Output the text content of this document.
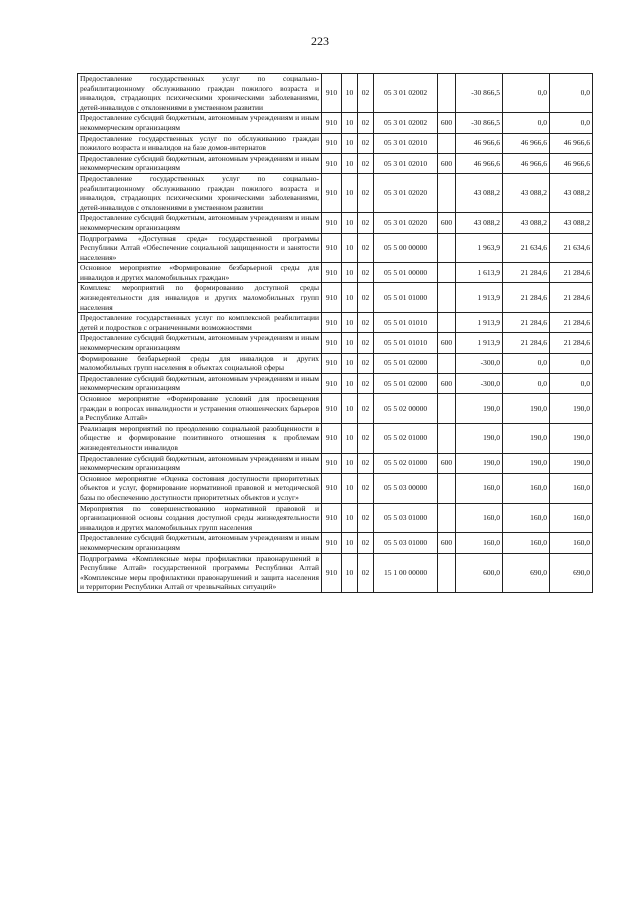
223
Предоставление государственных услуг по социально-реабилитационному обслуживанию граждан пожилого возраста и инвалидов, страдающих психическими хроническими заболеваниями, детей-инвалидов с отклонениями в умственном развитии	910	10	02	05 3 01 02002		-30 866,5	0,0	0,0
Предоставление субсидий бюджетным, автономным учреждениям и иным некоммерческим организациям	910	10	02	05 3 01 02002	600	-30 866,5	0,0	0,0
Предоставление государственных услуг по обслуживанию граждан пожилого возраста и инвалидов на базе домов-интернатов	910	10	02	05 3 01 02010		46 966,6	46 966,6	46 966,6
Предоставление субсидий бюджетным, автономным учреждениям и иным некоммерческим организациям	910	10	02	05 3 01 02010	600	46 966,6	46 966,6	46 966,6
Предоставление государственных услуг по социально-реабилитационному обслуживанию граждан пожилого возраста и инвалидов, страдающих психическими хроническими заболеваниями, детей-инвалидов с отклонениями в умственном развитии	910	10	02	05 3 01 02020		43 088,2	43 088,2	43 088,2
Предоставление субсидий бюджетным, автономным учреждениям и иным некоммерческим организациям	910	10	02	05 3 01 02020	600	43 088,2	43 088,2	43 088,2
Подпрограмма «Доступная среда» государственной программы Республики Алтай «Обеспечение социальной защищенности и занятости населения»	910	10	02	05 5 00 00000		1 963,9	21 634,6	21 634,6
Основное мероприятие «Формирование безбарьерной среды для инвалидов и других маломобильных граждан»	910	10	02	05 5 01 00000		1 613,9	21 284,6	21 284,6
Комплекс мероприятий по формированию доступной среды жизнедеятельности для инвалидов и других маломобильных групп населения	910	10	02	05 5 01 01000		1 913,9	21 284,6	21 284,6
Предоставление государственных услуг по комплексной реабилитации детей и подростков с ограниченными возможностями	910	10	02	05 5 01 01010		1 913,9	21 284,6	21 284,6
Предоставление субсидий бюджетным, автономным учреждениям и иным некоммерческим организациям	910	10	02	05 5 01 01010	600	1 913,9	21 284,6	21 284,6
Формирование безбарьерной среды для инвалидов и других маломобильных групп населения в объектах социальной сферы	910	10	02	05 5 01 02000		-300,0	0,0	0,0
Предоставление субсидий бюджетным, автономным учреждениям и иным некоммерческим организациям	910	10	02	05 5 01 02000	600	-300,0	0,0	0,0
Основное мероприятие «Формирование условий для просвещения граждан в вопросах инвалидности и устранения отношенческих барьеров в Республике Алтай»	910	10	02	05 5 02 00000		190,0	190,0	190,0
Реализация мероприятий по преодолению социальной разобщенности в обществе и формирование позитивного отношения к проблемам жизнедеятельности инвалидов	910	10	02	05 5 02 01000		190,0	190,0	190,0
Предоставление субсидий бюджетным, автономным учреждениям и иным некоммерческим организациям	910	10	02	05 5 02 01000	600	190,0	190,0	190,0
Основное мероприятие «Оценка состояния доступности приоритетных объектов и услуг, формирование нормативной правовой и методической базы по обеспечению доступности приоритетных объектов и услуг»	910	10	02	05 5 03 00000		160,0	160,0	160,0
Мероприятия по совершенствованию нормативной правовой и организационной основы создания доступной среды жизнедеятельности инвалидов и других маломобильных групп населения	910	10	02	05 5 03 01000		160,0	160,0	160,0
Предоставление субсидий бюджетным, автономным учреждениям и иным некоммерческим организациям	910	10	02	05 5 03 01000	600	160,0	160,0	160,0
Подпрограмма «Комплексные меры профилактики правонарушений в Республике Алтай» государственной программы Республики Алтай «Комплексные меры профилактики правонарушений и защита населения и территории Республики Алтай от чрезвычайных ситуаций»	910	10	02	15 1 00 00000		600,0	690,0	690,0
